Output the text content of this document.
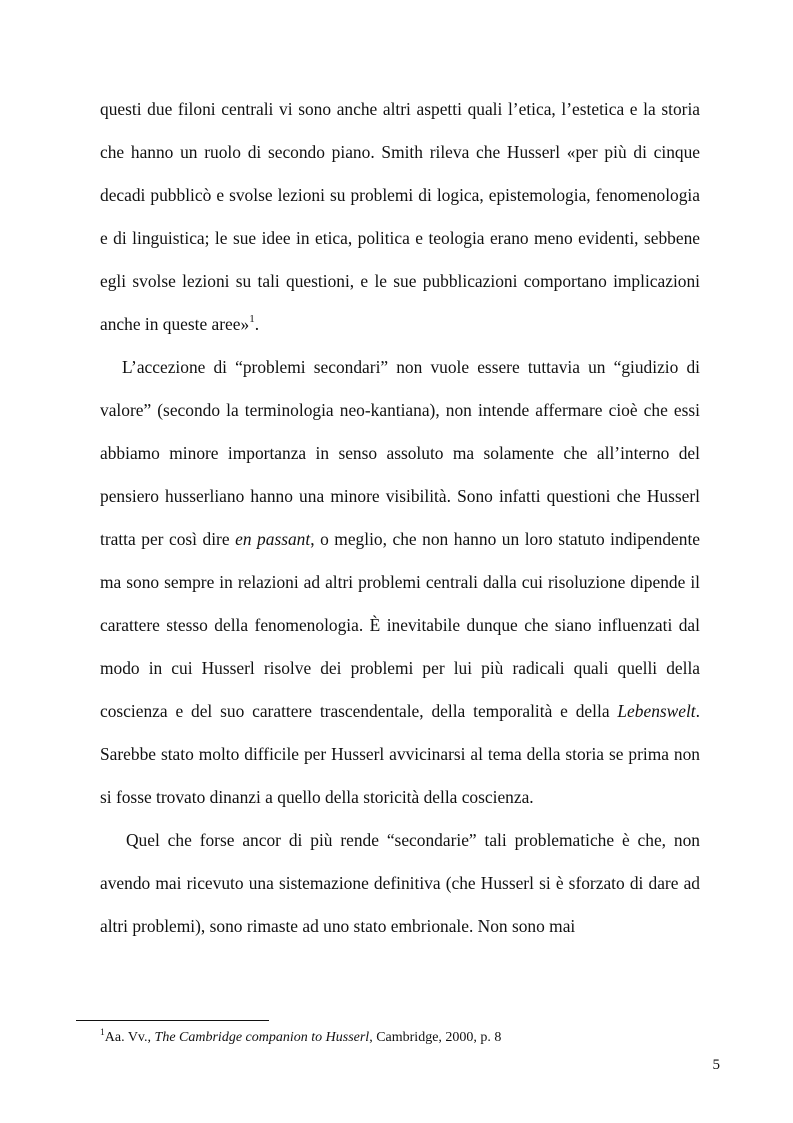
questi due filoni centrali vi sono anche altri aspetti quali l’etica, l’estetica e la storia che hanno un ruolo di secondo piano. Smith rileva che Husserl «per più di cinque decadi pubblicò e svolse lezioni su problemi di logica, epistemologia, fenomenologia e di linguistica; le sue idee in etica, politica e teologia erano meno evidenti, sebbene egli svolse lezioni su tali questioni, e le sue pubblicazioni comportano implicazioni anche in queste aree»$^1$.

L’accezione di “problemi secondari” non vuole essere tuttavia un “giudizio di valore” (secondo la terminologia neo-kantiana), non intende affermare cioè che essi abbiamo minore importanza in senso assoluto ma solamente che all’interno del pensiero husserliano hanno una minore visibilità. Sono infatti questioni che Husserl tratta per così dire en passant, o meglio, che non hanno un loro statuto indipendente ma sono sempre in relazioni ad altri problemi centrali dalla cui risoluzione dipende il carattere stesso della fenomenologia. È inevitabile dunque che siano influenzati dal modo in cui Husserl risolve dei problemi per lui più radicali quali quelli della coscienza e del suo carattere trascendentale, della temporalità e della Lebenswelt. Sarebbe stato molto difficile per Husserl avvicinarsi al tema della storia se prima non si fosse trovato dinanzi a quello della storicità della coscienza.

Quel che forse ancor di più rende “secondarie” tali problematiche è che, non avendo mai ricevuto una sistemazione definitiva (che Husserl si è sforzato di dare ad altri problemi), sono rimaste ad uno stato embrionale. Non sono mai

$^1$Aa. Vv., The Cambridge companion to Husserl, Cambridge, 2000, p. 8
5
